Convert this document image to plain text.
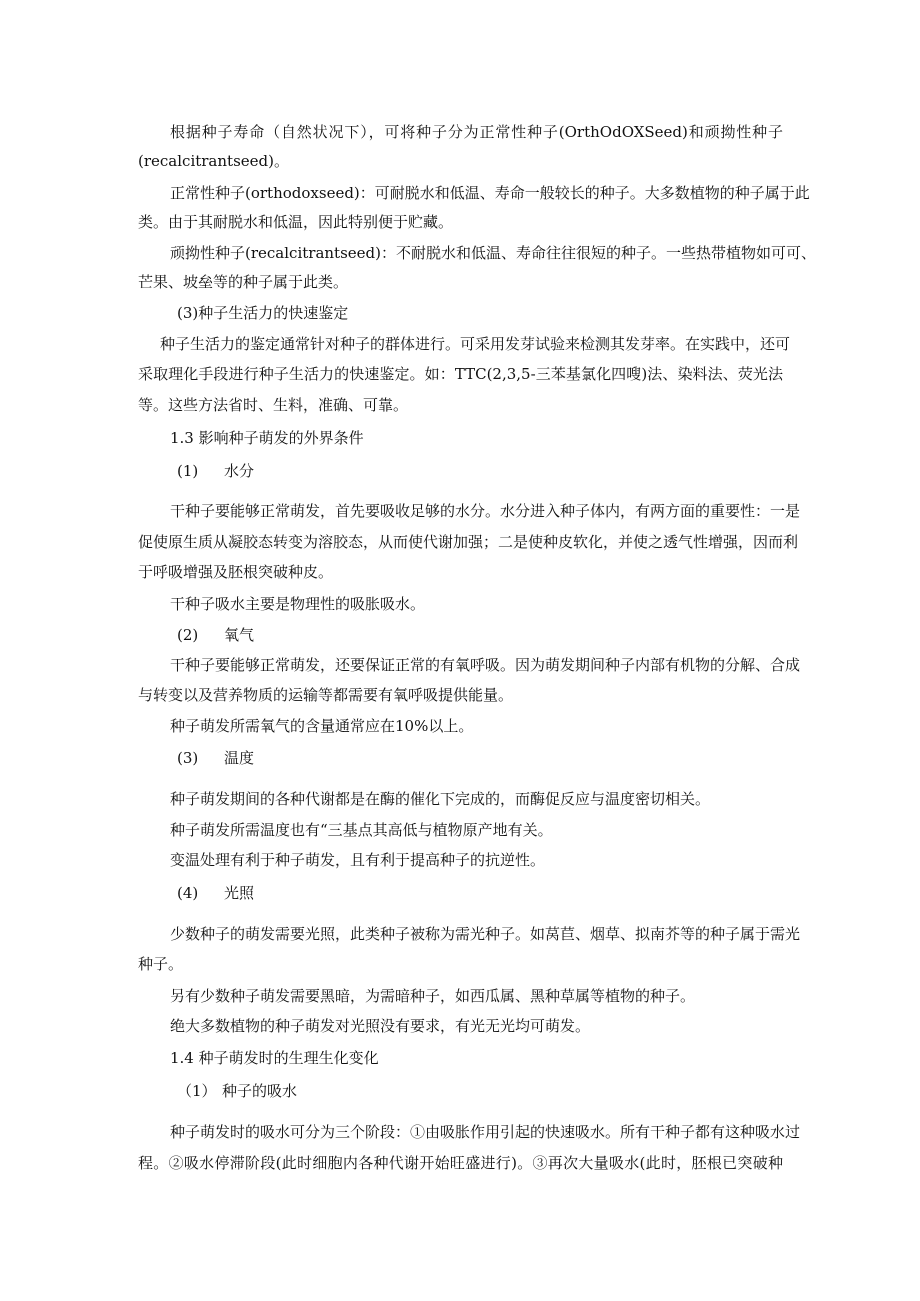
根据种子寿命（自然状况下），可将种子分为正常性种子(OrthOdOXSeed)和顽拗性种子
(recalcitrantseed)。
正常性种子(orthodoxseed)：可耐脱水和低温、寿命一般较长的种子。大多数植物的种子属于此
类。由于其耐脱水和低温，因此特别便于贮藏。
顽拗性种子(recalcitrantseed)：不耐脱水和低温、寿命往往很短的种子。一些热带植物如可可、
芒果、坡垒等的种子属于此类。
(3)种子生活力的快速鉴定
种子生活力的鉴定通常针对种子的群体进行。可采用发芽试验来检测其发芽率。在实践中，还可
采取理化手段进行种子生活力的快速鉴定。如：TTC(2,3,5-三苯基氯化四嗖)法、染料法、荧光法
等。这些方法省时、生料，准确、可靠。
1.3 影响种子萌发的外界条件
(1) 水分
干种子要能够正常萌发，首先要吸收足够的水分。水分进入种子体内，有两方面的重要性：一是
促使原生质从凝胶态转变为溶胶态，从而使代谢加强；二是使种皮软化，并使之透气性增强，因而利
于呼吸增强及胚根突破种皮。
干种子吸水主要是物理性的吸胀吸水。
(2) 氧气
干种子要能够正常萌发，还要保证正常的有氧呼吸。因为萌发期间种子内部有机物的分解、合成
与转变以及营养物质的运输等都需要有氧呼吸提供能量。
种子萌发所需氧气的含量通常应在10%以上。
(3) 温度
种子萌发期间的各种代谢都是在酶的催化下完成的，而酶促反应与温度密切相关。
种子萌发所需温度也有“三基点其高低与植物原产地有关。
变温处理有利于种子萌发，且有利于提高种子的抗逆性。
(4) 光照
少数种子的萌发需要光照，此类种子被称为需光种子。如莴苣、烟草、拟南芥等的种子属于需光
种子。
另有少数种子萌发需要黑暗，为需暗种子，如西瓜属、黑种草属等植物的种子。
绝大多数植物的种子萌发对光照没有要求，有光无光均可萌发。
1.4 种子萌发时的生理生化变化
（1） 种子的吸水
种子萌发时的吸水可分为三个阶段：①由吸胀作用引起的快速吸水。所有干种子都有这种吸水过
程。②吸水停滞阶段(此时细胞内各种代谢开始旺盛进行)。③再次大量吸水(此时，胚根已突破种
